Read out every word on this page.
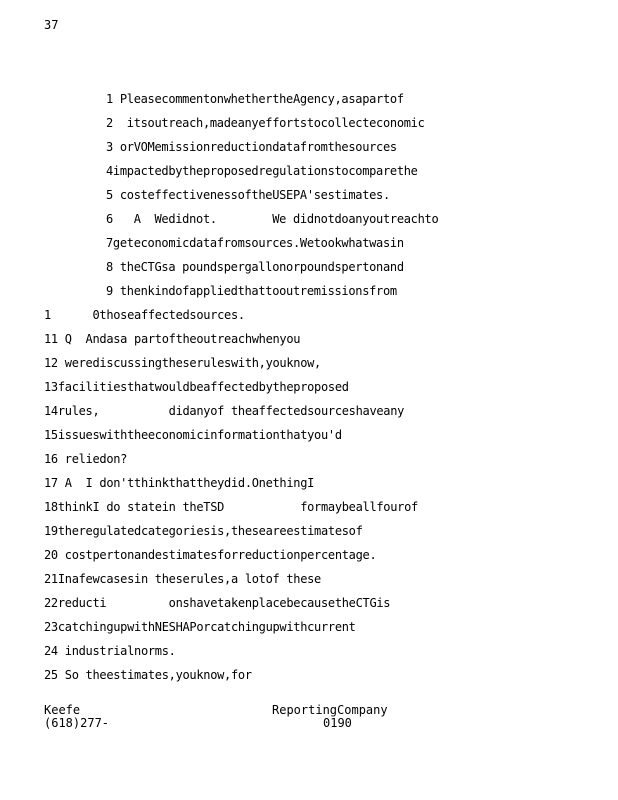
37
1 PleasecommentonwhethertheAgency,asapartof
2  itsoutreach,madeanyeffortstocollecteconomic
3 orVOMemissionreductiondatafromthesources
4impactedbytheproposedregulationstocomparethe
5 costeffectivenessoftheUSEPA'sestimates.
6   A  Wedidnot.        We didnotdoanyoutreachto
7geteconomicdatafromsources.Wetookwhatwasin
8 theCTGsa poundspergallonorpoundspertonand
9 thenkindofappliedthattooutremissionsfrom
1      0thoseaffectedsources.
11 Q  Andasa partoftheoutreachwhenyou
12 werediscussingtheseruleswith,youknow,
13facilitiesthatwouldbeaffectedbytheproposed
14rules,          didanyof theaffectedsourceshaveany
15issueswiththeeconomicinformationthatyou'd
16 reliedon?
17 A  I don'tthinkthattheydid.OnethingI
18thinkI do statein theTSD           formaybeallfourof
19theregulatedcategoriesis,theseareestimatesof
20 costpertonandestimatesforreductionpercentage.
21Inafewcasesin theserules,a lotof these
22reducti         onshavetakenplacebecausetheCTGis
23catchingupwithNESHAPorcatchingupwithcurrent
24 industrialnorms.
25 So theestimates,youknow,for
Keefe	ReportingCompany
(618)277-	0190
